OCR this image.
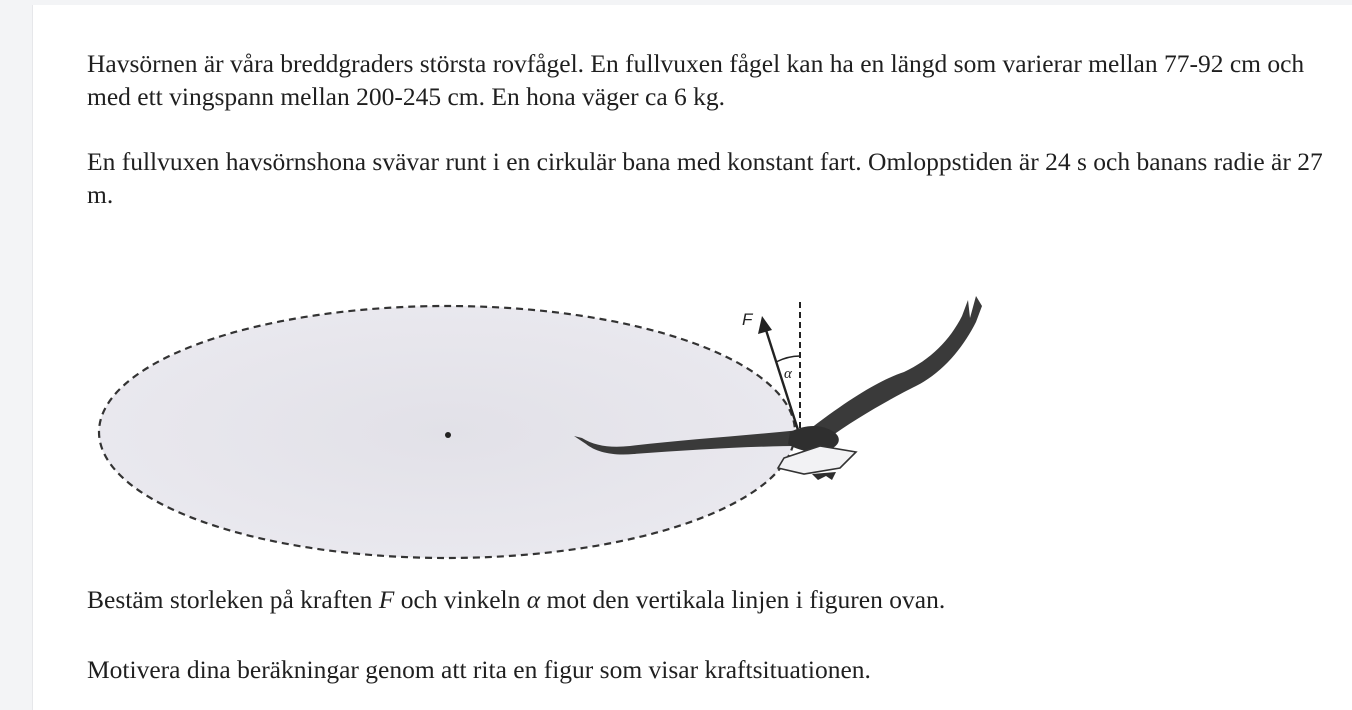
Havsörnen är våra breddgraders största rovfågel. En fullvuxen fågel kan ha en längd som varierar mellan 77-92 cm och med ett vingspann mellan 200-245 cm. En hona väger ca 6 kg.

En fullvuxen havsörnshona svävar runt i en cirkulär bana med konstant fart. Omloppstiden är 24 s och banans radie är 27 m.

F
α

Bestäm storleken på kraften F och vinkeln α mot den vertikala linjen i figuren ovan.

Motivera dina beräkningar genom att rita en figur som visar kraftsituationen.
